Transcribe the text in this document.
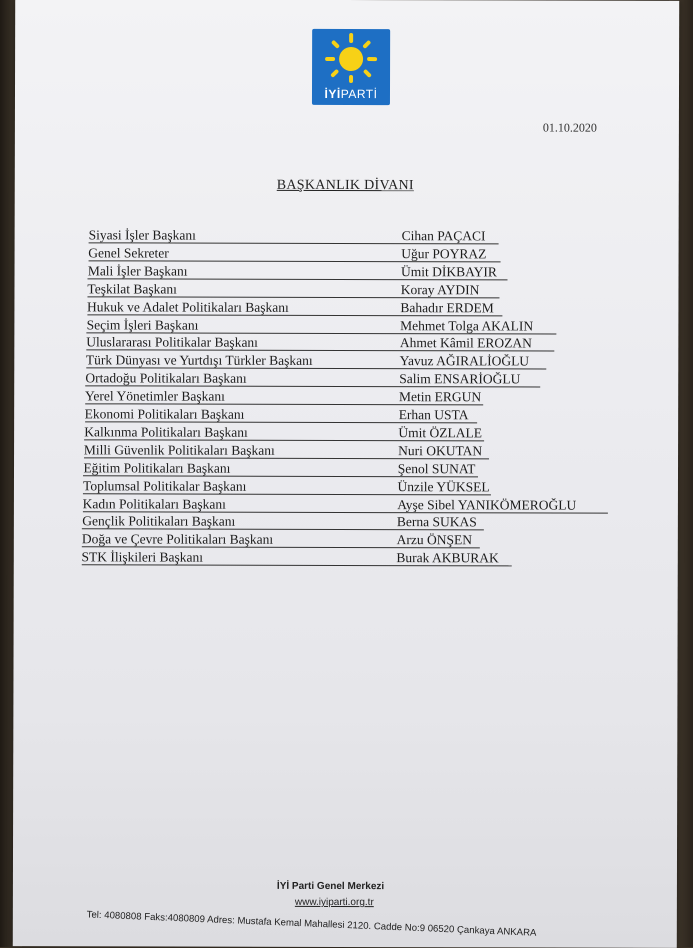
İYİPARTİ
01.10.2020
BAŞKANLIK DİVANI
Siyasi İşler Başkanı	Cihan PAÇACI
Genel Sekreter	Uğur POYRAZ
Mali İşler Başkanı	Ümit DİKBAYIR
Teşkilat Başkanı	Koray AYDIN
Hukuk ve Adalet Politikaları Başkanı	Bahadır ERDEM
Seçim İşleri Başkanı	Mehmet Tolga AKALIN
Uluslararası Politikalar Başkanı	Ahmet Kâmil EROZAN
Türk Dünyası ve Yurtdışı Türkler Başkanı	Yavuz AĞIRALİOĞLU
Ortadoğu Politikaları Başkanı	Salim ENSARİOĞLU
Yerel Yönetimler Başkanı	Metin ERGUN
Ekonomi Politikaları Başkanı	Erhan USTA
Kalkınma Politikaları Başkanı	Ümit ÖZLALE
Milli Güvenlik Politikaları Başkanı	Nuri OKUTAN
Eğitim Politikaları Başkanı	Şenol SUNAT
Toplumsal Politikalar Başkanı	Ünzile YÜKSEL
Kadın Politikaları Başkanı	Ayşe Sibel YANIKÖMEROĞLU
Gençlik Politikaları Başkanı	Berna SUKAS
Doğa ve Çevre Politikaları Başkanı	Arzu ÖNŞEN
STK İlişkileri Başkanı	Burak AKBURAK
İYİ Parti Genel Merkezi
www.iyiparti.org.tr
Tel: 4080808 Faks:4080809 Adres: Mustafa Kemal Mahallesi 2120. Cadde No:9 06520 Çankaya ANKARA
